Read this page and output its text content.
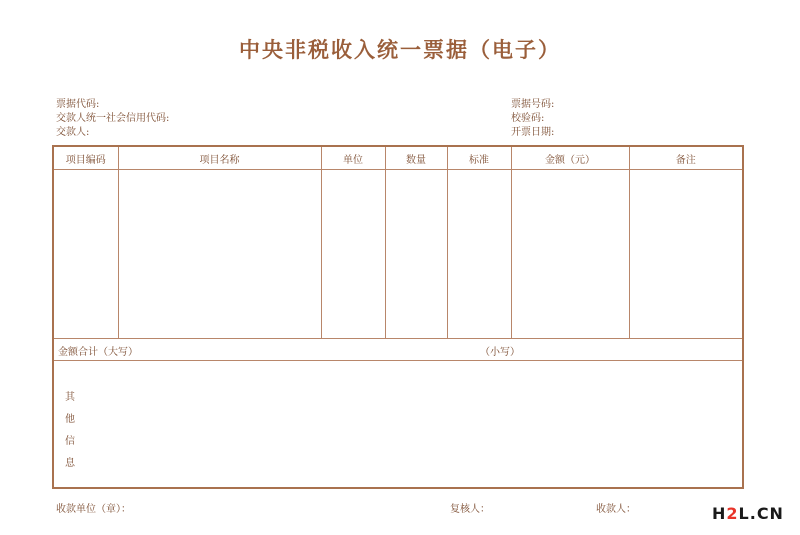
中央非税收入统一票据（电子）
票据代码:
交款人统一社会信用代码:
交款人:
票据号码:
校验码:
开票日期:
项目编码	项目名称	单位	数量	标准	金额（元）	备注

金额合计（大写）	（小写）
其
他
信
息
收款单位（章）：	复核人：	收款人：	H2L.CN
